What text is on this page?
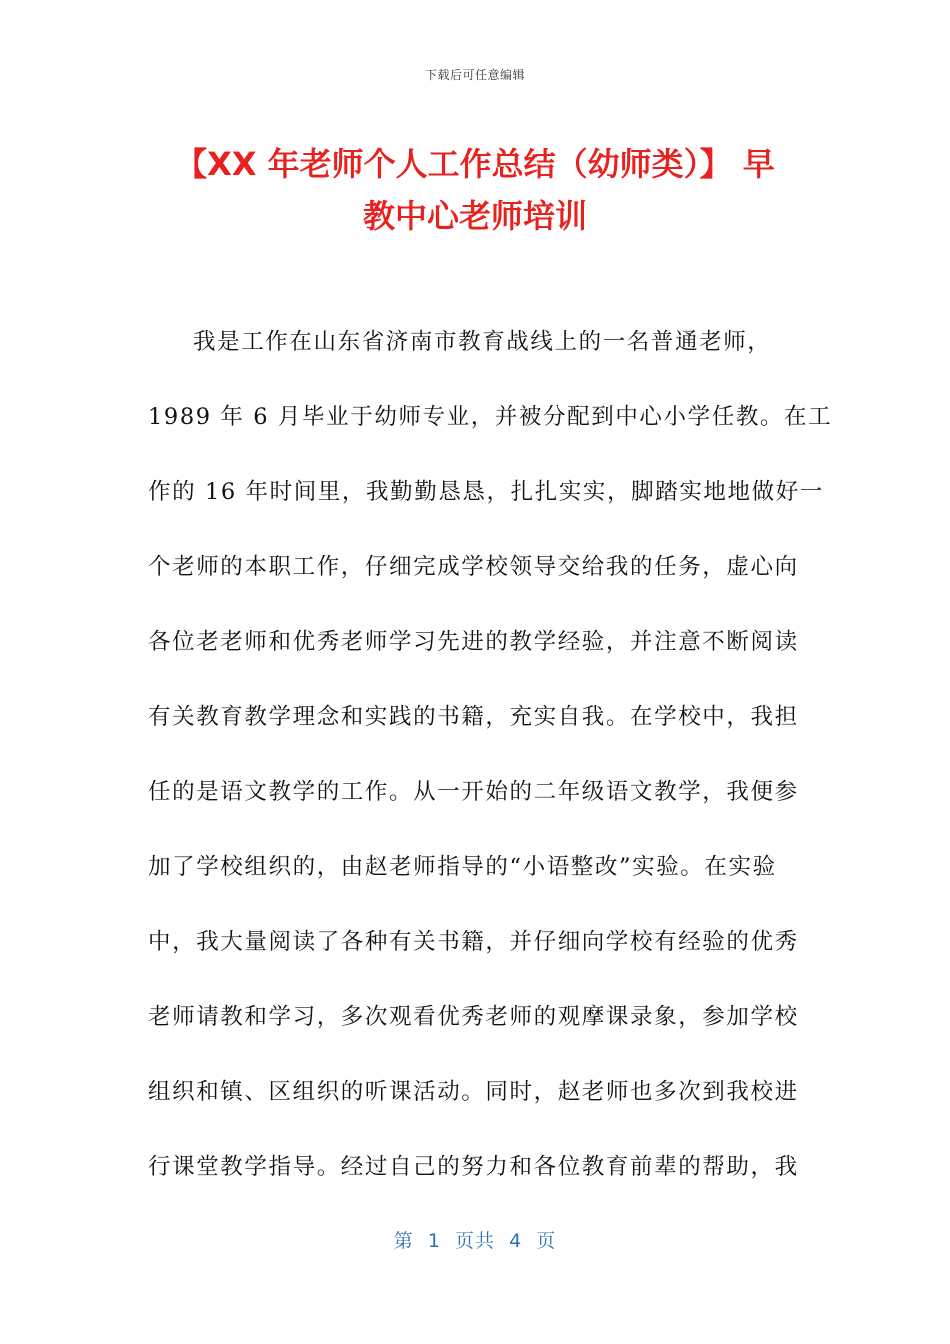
下载后可任意编辑
【XX 年老师个人工作总结（幼师类）】 早
教中心老师培训
我是工作在山东省济南市教育战线上的一名普通老师，
1989 年 6 月毕业于幼师专业，并被分配到中心小学任教。在工
作的 16 年时间里，我勤勤恳恳，扎扎实实，脚踏实地地做好一
个老师的本职工作，仔细完成学校领导交给我的任务，虚心向
各位老老师和优秀老师学习先进的教学经验，并注意不断阅读
有关教育教学理念和实践的书籍，充实自我。在学校中，我担
任的是语文教学的工作。从一开始的二年级语文教学，我便参
加了学校组织的，由赵老师指导的“小语整改”实验。在实验
中，我大量阅读了各种有关书籍，并仔细向学校有经验的优秀
老师请教和学习，多次观看优秀老师的观摩课录象，参加学校
组织和镇、区组织的听课活动。同时，赵老师也多次到我校进
行课堂教学指导。经过自己的努力和各位教育前辈的帮助，我
第  1  页共  4  页
